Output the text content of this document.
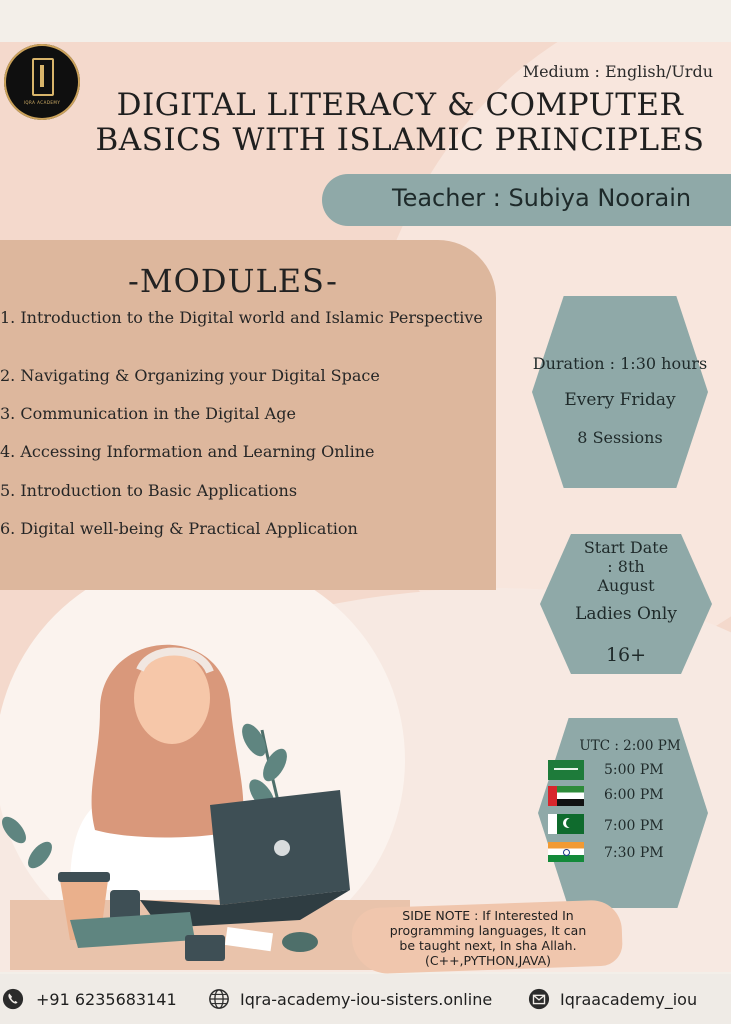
IQRA ACADEMY
Medium : English/Urdu
DIGITAL LITERACY & COMPUTER
BASICS WITH ISLAMIC PRINCIPLES
Teacher : Subiya Noorain
-MODULES-
1. Introduction to the Digital world and Islamic Perspective
2. Navigating & Organizing your Digital Space
3. Communication in the Digital Age
4. Accessing Information and Learning Online
5. Introduction to Basic Applications
6. Digital well-being & Practical Application
Duration : 1:30 hours
Every Friday
8 Sessions
Start Date
: 8th
August
Ladies Only
16+
UTC : 2:00 PM
5:00 PM
6:00 PM
7:00 PM
7:30 PM
SIDE NOTE : If Interested In
programming languages, It can
be taught next, In sha Allah.
(C++,PYTHON,JAVA)
+91 6235683141	Iqra-academy-iou-sisters.online	Iqraacademy_iou
